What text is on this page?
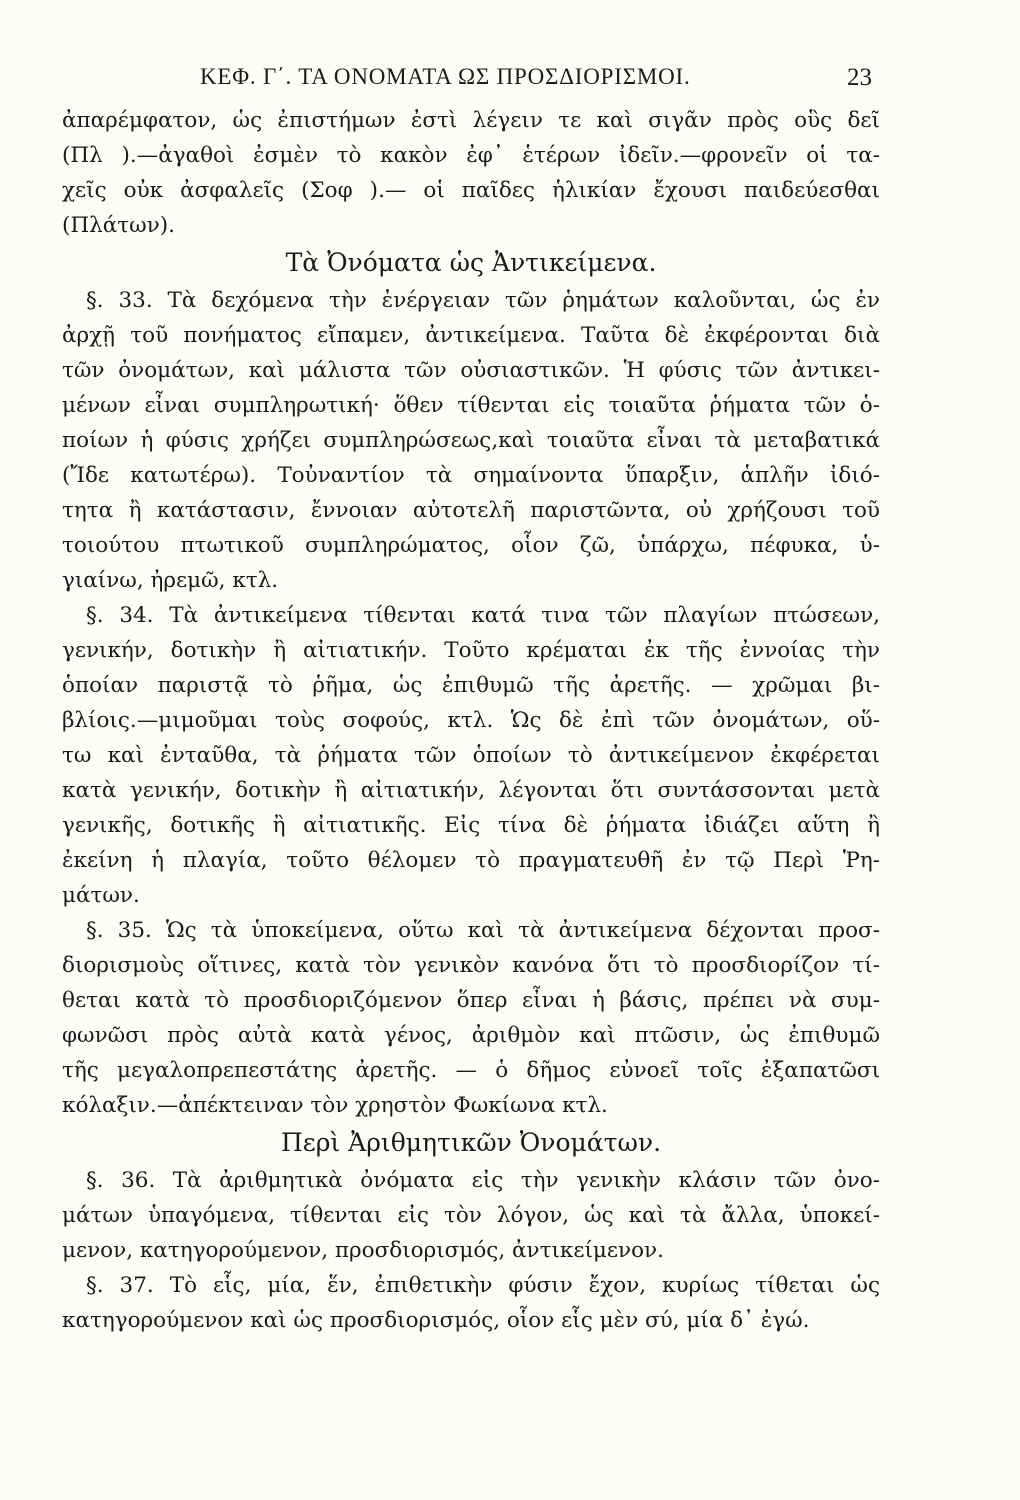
ΚΕΦ. Γ΄. ΤΑ ΟΝΟΜΑΤΑ ΩΣ ΠΡΟΣΔΙΟΡΙΣΜΟΙ.	23
ἀπαρέμφατον, ὡς ἐπιστήμων ἐστὶ λέγειν τε καὶ σιγᾶν πρὸς οὓς δεῖ
(Πλ ).—ἀγαθοὶ ἐσμὲν τὸ κακὸν ἐφ᾽ ἑτέρων ἰδεῖν.—φρονεῖν οἱ τα-
χεῖς οὐκ ἀσφαλεῖς (Σοφ ).— οἱ παῖδες ἡλικίαν ἔχουσι παιδεύεσθαι
(Πλάτων).
Τὰ Ὀνόματα ὡς Ἀντικείμενα.
§. 33. Τὰ δεχόμενα τὴν ἐνέργειαν τῶν ῥημάτων καλοῦνται, ὡς ἐν
ἀρχῇ τοῦ πονήματος εἴπαμεν, ἀντικείμενα. Ταῦτα δὲ ἐκφέρονται διὰ
τῶν ὀνομάτων, καὶ μάλιστα τῶν οὐσιαστικῶν. Ἡ φύσις τῶν ἀντικει-
μένων εἶναι συμπληρωτική· ὅθεν τίθενται εἰς τοιαῦτα ῥήματα τῶν ὁ-
ποίων ἡ φύσις χρήζει συμπληρώσεως,καὶ τοιαῦτα εἶναι τὰ μεταβατικά
(Ἴδε κατωτέρω). Τοὐναντίον τὰ σημαίνοντα ὕπαρξιν, ἁπλῆν ἰδιό-
τητα ἢ κατάστασιν, ἔννοιαν αὐτοτελῆ παριστῶντα, οὐ χρήζουσι τοῦ
τοιούτου πτωτικοῦ συμπληρώματος, οἷον ζῶ, ὑπάρχω, πέφυκα, ὑ-
γιαίνω, ἠρεμῶ, κτλ.
§. 34. Τὰ ἀντικείμενα τίθενται κατά τινα τῶν πλαγίων πτώσεων,
γενικήν, δοτικὴν ἢ αἰτιατικήν. Τοῦτο κρέμαται ἐκ τῆς ἐννοίας τὴν
ὁποίαν παριστᾷ τὸ ῥῆμα, ὡς ἐπιθυμῶ τῆς ἀρετῆς. — χρῶμαι βι-
βλίοις.—μιμοῦμαι τοὺς σοφούς, κτλ. Ὡς δὲ ἐπὶ τῶν ὀνομάτων, οὕ-
τω καὶ ἐνταῦθα, τὰ ῥήματα τῶν ὁποίων τὸ ἀντικείμενον ἐκφέρεται
κατὰ γενικήν, δοτικὴν ἢ αἰτιατικήν, λέγονται ὅτι συντάσσονται μετὰ
γενικῆς, δοτικῆς ἢ αἰτιατικῆς. Εἰς τίνα δὲ ῥήματα ἰδιάζει αὕτη ἢ
ἐκείνη ἡ πλαγία, τοῦτο θέλομεν τὸ πραγματευθῆ ἐν τῷ Περὶ Ῥη-
μάτων.
§. 35. Ὡς τὰ ὑποκείμενα, οὕτω καὶ τὰ ἀντικείμενα δέχονται προσ-
διορισμοὺς οἵτινες, κατὰ τὸν γενικὸν κανόνα ὅτι τὸ προσδιορίζον τί-
θεται κατὰ τὸ προσδιοριζόμενον ὅπερ εἶναι ἡ βάσις, πρέπει νὰ συμ-
φωνῶσι πρὸς αὐτὰ κατὰ γένος, ἀριθμὸν καὶ πτῶσιν, ὡς ἐπιθυμῶ
τῆς μεγαλοπρεπεστάτης ἀρετῆς. — ὁ δῆμος εὐνοεῖ τοῖς ἐξαπατῶσι
κόλαξιν.—ἀπέκτειναν τὸν χρηστὸν Φωκίωνα κτλ.
Περὶ Ἀριθμητικῶν Ὀνομάτων.
§. 36. Τὰ ἀριθμητικὰ ὀνόματα εἰς τὴν γενικὴν κλάσιν τῶν ὀνο-
μάτων ὑπαγόμενα, τίθενται εἰς τὸν λόγον, ὡς καὶ τὰ ἄλλα, ὑποκεί-
μενον, κατηγορούμενον, προσδιορισμός, ἀντικείμενον.
§. 37. Τὸ εἷς, μία, ἕν, ἐπιθετικὴν φύσιν ἔχον, κυρίως τίθεται ὡς
κατηγορούμενον καὶ ὡς προσδιορισμός, οἷον εἷς μὲν σύ, μία δ᾽ ἐγώ.
